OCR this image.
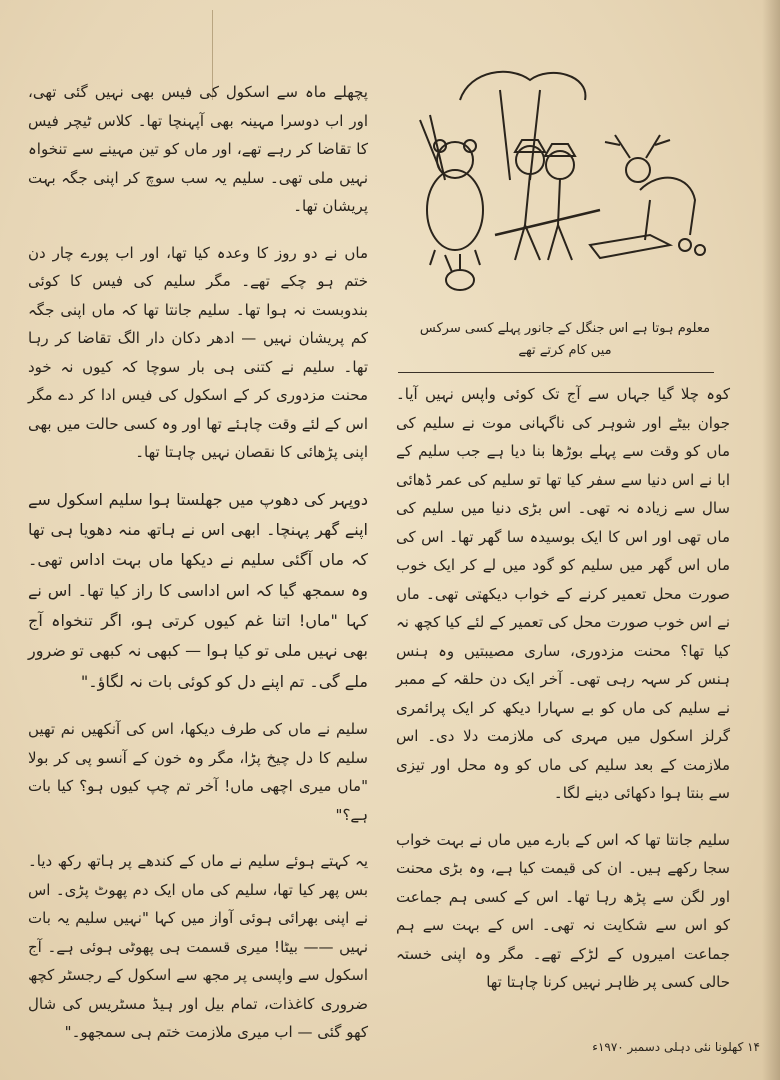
پچھلے ماہ سے اسکول کی فیس بھی نہیں گئی تھی، اور اب دوسرا مہینہ بھی آپہنچا تھا۔ کلاس ٹیچر فیس کا تقاضا کر رہے تھے، اور ماں کو تین مہینے سے تنخواہ نہیں ملی تھی۔ سلیم یہ سب سوچ کر اپنی جگہ بہت پریشان تھا۔

ماں نے دو روز کا وعدہ کیا تھا، اور اب پورے چار دن ختم ہو چکے تھے۔ مگر سلیم کی فیس کا کوئی بندوبست نہ ہوا تھا۔ سلیم جانتا تھا کہ ماں اپنی جگہ کم پریشان نہیں — ادھر دکان دار الگ تقاضا کر رہا تھا۔ سلیم نے کتنی ہی بار سوچا کہ کیوں نہ خود محنت مزدوری کر کے اسکول کی فیس ادا کر دے مگر اس کے لئے وقت چاہئے تھا اور وہ کسی حالت میں بھی اپنی پڑھائی کا نقصان نہیں چاہتا تھا۔

دوپہر کی دھوپ میں جھلستا ہوا سلیم اسکول سے اپنے گھر پہنچا۔ ابھی اس نے ہاتھ منہ دھویا ہی تھا کہ ماں آگئی سلیم نے دیکھا ماں بہت اداس تھی۔ وہ سمجھ گیا کہ اس اداسی کا راز کیا تھا۔ اس نے کہا "ماں! اتنا غم کیوں کرتی ہو، اگر تنخواہ آج بھی نہیں ملی تو کیا ہوا — کبھی نہ کبھی تو ضرور ملے گی۔ تم اپنے دل کو کوئی بات نہ لگاؤ۔"

سلیم نے ماں کی طرف دیکھا، اس کی آنکھیں نم تھیں سلیم کا دل چیخ پڑا، مگر وہ خون کے آنسو پی کر بولا "ماں میری اچھی ماں! آخر تم چپ کیوں ہو؟ کیا بات ہے؟"

یہ کہتے ہوئے سلیم نے ماں کے کندھے پر ہاتھ رکھ دیا۔ بس پھر کیا تھا، سلیم کی ماں ایک دم پھوٹ پڑی۔ اس نے اپنی بھرائی ہوئی آواز میں کہا "نہیں سلیم یہ بات نہیں —— بیٹا! میری قسمت ہی پھوٹی ہوئی ہے۔ آج اسکول سے واپسی پر مجھ سے اسکول کے رجسٹر کچھ ضروری کاغذات، تمام بیل اور ہیڈ مسٹریس کی شال کھو گئی — اب میری ملازمت ختم ہی سمجھو۔"

معلوم ہوتا ہے اس جنگل کے جانور پہلے کسی سرکس میں کام کرتے تھے

کوہ چلا گیا جہاں سے آج تک کوئی واپس نہیں آیا۔ جوان بیٹے اور شوہر کی ناگہانی موت نے سلیم کی ماں کو وقت سے پہلے بوڑھا بنا دیا ہے جب سلیم کے ابا نے اس دنیا سے سفر کیا تھا تو سلیم کی عمر ڈھائی سال سے زیادہ نہ تھی۔ اس بڑی دنیا میں سلیم کی ماں تھی اور اس کا ایک بوسیدہ سا گھر تھا۔ اس کی ماں اس گھر میں سلیم کو گود میں لے کر ایک خوب صورت محل تعمیر کرنے کے خواب دیکھتی تھی۔ ماں نے اس خوب صورت محل کی تعمیر کے لئے کیا کچھ نہ کیا تھا؟ محنت مزدوری، ساری مصیبتیں وہ ہنس ہنس کر سہہ رہی تھی۔ آخر ایک دن حلقہ کے ممبر نے سلیم کی ماں کو بے سہارا دیکھ کر ایک پرائمری گرلز اسکول میں مہری کی ملازمت دلا دی۔ اس ملازمت کے بعد سلیم کی ماں کو وہ محل اور تیزی سے بنتا ہوا دکھائی دینے لگا۔

سلیم جانتا تھا کہ اس کے بارے میں ماں نے بہت خواب سجا رکھے ہیں۔ ان کی قیمت کیا ہے، وہ بڑی محنت اور لگن سے پڑھ رہا تھا۔ اس کے کسی ہم جماعت کو اس سے شکایت نہ تھی۔ اس کے بہت سے ہم جماعت امیروں کے لڑکے تھے۔ مگر وہ اپنی خستہ حالی کسی پر ظاہر نہیں کرنا چاہتا تھا

۱۴ کھلونا نئی دہلی دسمبر ۱۹۷۰ء
